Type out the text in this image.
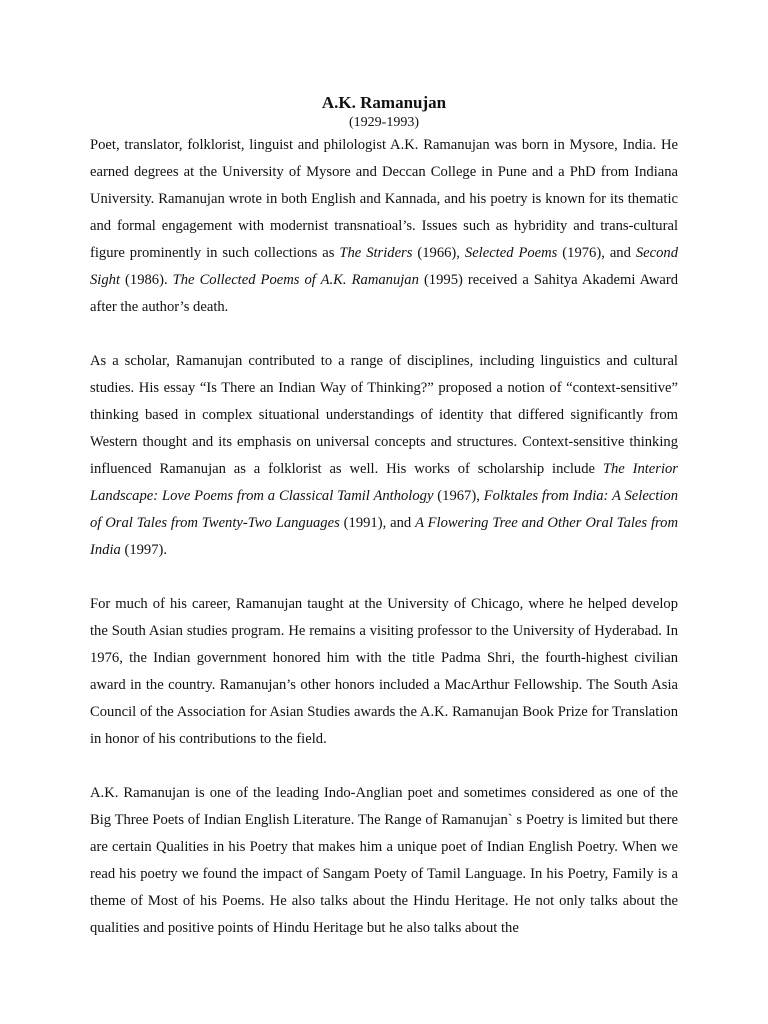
A.K. Ramanujan
(1929-1993)

Poet, translator, folklorist, linguist and philologist A.K. Ramanujan was born in Mysore, India. He earned degrees at the University of Mysore and Deccan College in Pune and a PhD from Indiana University. Ramanujan wrote in both English and Kannada, and his poetry is known for its thematic and formal engagement with modernist transnatioal’s. Issues such as hybridity and trans-cultural figure prominently in such collections as The Striders (1966), Selected Poems (1976), and Second Sight (1986). The Collected Poems of A.K. Ramanujan (1995) received a Sahitya Akademi Award after the author’s death.

As a scholar, Ramanujan contributed to a range of disciplines, including linguistics and cultural studies. His essay “Is There an Indian Way of Thinking?” proposed a notion of “context-sensitive” thinking based in complex situational understandings of identity that differed significantly from Western thought and its emphasis on universal concepts and structures. Context-sensitive thinking influenced Ramanujan as a folklorist as well. His works of scholarship include The Interior Landscape: Love Poems from a Classical Tamil Anthology (1967), Folktales from India: A Selection of Oral Tales from Twenty-Two Languages (1991), and A Flowering Tree and Other Oral Tales from India (1997).

For much of his career, Ramanujan taught at the University of Chicago, where he helped develop the South Asian studies program. He remains a visiting professor to the University of Hyderabad. In 1976, the Indian government honored him with the title Padma Shri, the fourth-highest civilian award in the country. Ramanujan’s other honors included a MacArthur Fellowship. The South Asia Council of the Association for Asian Studies awards the A.K. Ramanujan Book Prize for Translation in honor of his contributions to the field.

A.K. Ramanujan is one of the leading Indo-Anglian poet and sometimes considered as one of the Big Three Poets of Indian English Literature. The Range of Ramanujan` s Poetry is limited but there are certain Qualities in his Poetry that makes him a unique poet of Indian English Poetry. When we read his poetry we found the impact of Sangam Poety of Tamil Language. In his Poetry, Family is a theme of Most of his Poems. He also talks about the Hindu Heritage. He not only talks about the qualities and positive points of Hindu Heritage but he also talks about the
